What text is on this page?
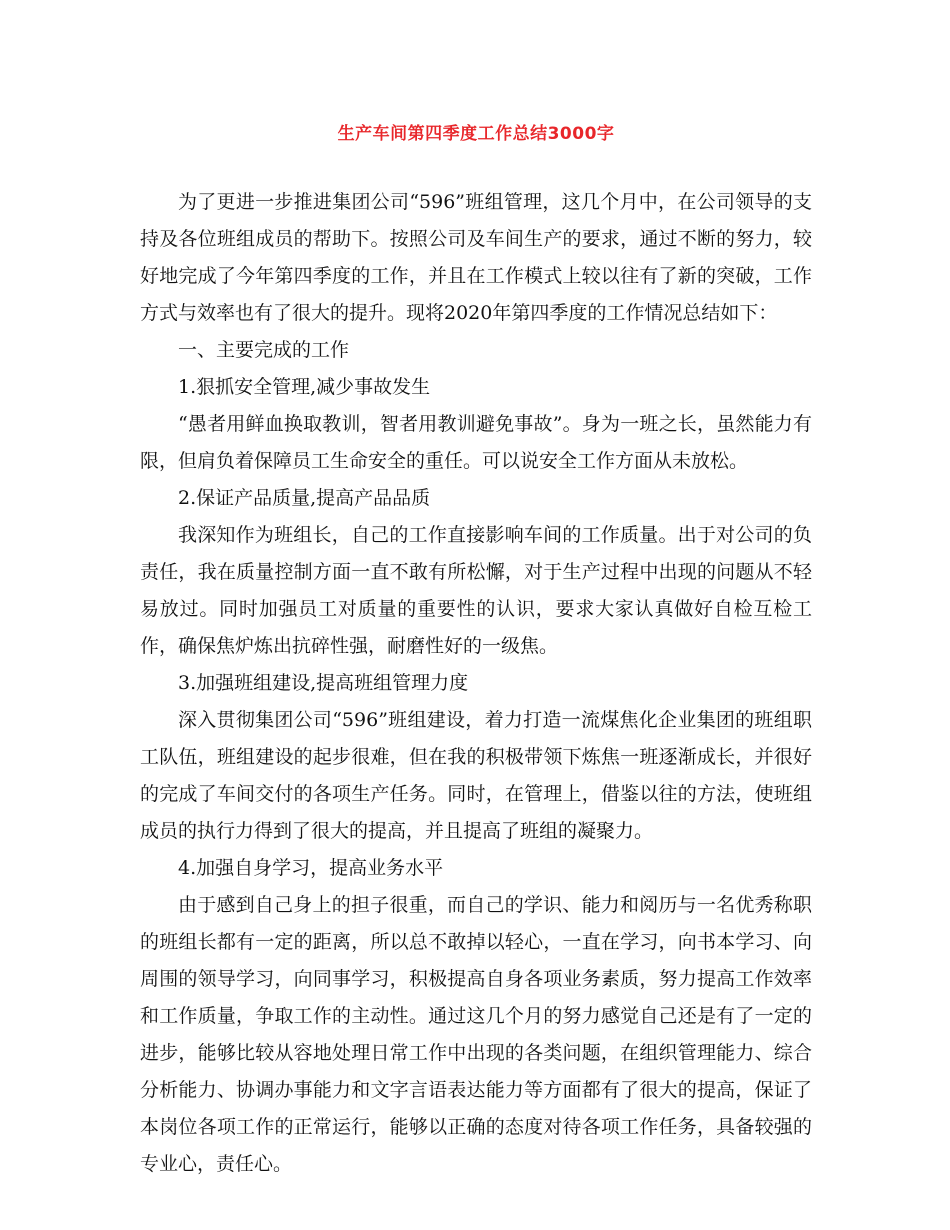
生产车间第四季度工作总结3000字

为了更进一步推进集团公司“596”班组管理，这几个月中，在公司领导的支持及各位班组成员的帮助下。按照公司及车间生产的要求，通过不断的努力，较好地完成了今年第四季度的工作，并且在工作模式上较以往有了新的突破，工作方式与效率也有了很大的提升。现将2020年第四季度的工作情况总结如下：

一、主要完成的工作

1.狠抓安全管理,减少事故发生

“愚者用鲜血换取教训，智者用教训避免事故”。身为一班之长，虽然能力有限，但肩负着保障员工生命安全的重任。可以说安全工作方面从未放松。

2.保证产品质量,提高产品品质

我深知作为班组长，自己的工作直接影响车间的工作质量。出于对公司的负责任，我在质量控制方面一直不敢有所松懈，对于生产过程中出现的问题从不轻易放过。同时加强员工对质量的重要性的认识，要求大家认真做好自检互检工作，确保焦炉炼出抗碎性强，耐磨性好的一级焦。

3.加强班组建设,提高班组管理力度

深入贯彻集团公司“596”班组建设，着力打造一流煤焦化企业集团的班组职工队伍，班组建设的起步很难，但在我的积极带领下炼焦一班逐渐成长，并很好的完成了车间交付的各项生产任务。同时，在管理上，借鉴以往的方法，使班组成员的执行力得到了很大的提高，并且提高了班组的凝聚力。

4.加强自身学习，提高业务水平

由于感到自己身上的担子很重，而自己的学识、能力和阅历与一名优秀称职的班组长都有一定的距离，所以总不敢掉以轻心，一直在学习，向书本学习、向周围的领导学习，向同事学习，积极提高自身各项业务素质，努力提高工作效率和工作质量，争取工作的主动性。通过这几个月的努力感觉自己还是有了一定的进步，能够比较从容地处理日常工作中出现的各类问题，在组织管理能力、综合分析能力、协调办事能力和文字言语表达能力等方面都有了很大的提高，保证了本岗位各项工作的正常运行，能够以正确的态度对待各项工作任务，具备较强的专业心，责任心。
